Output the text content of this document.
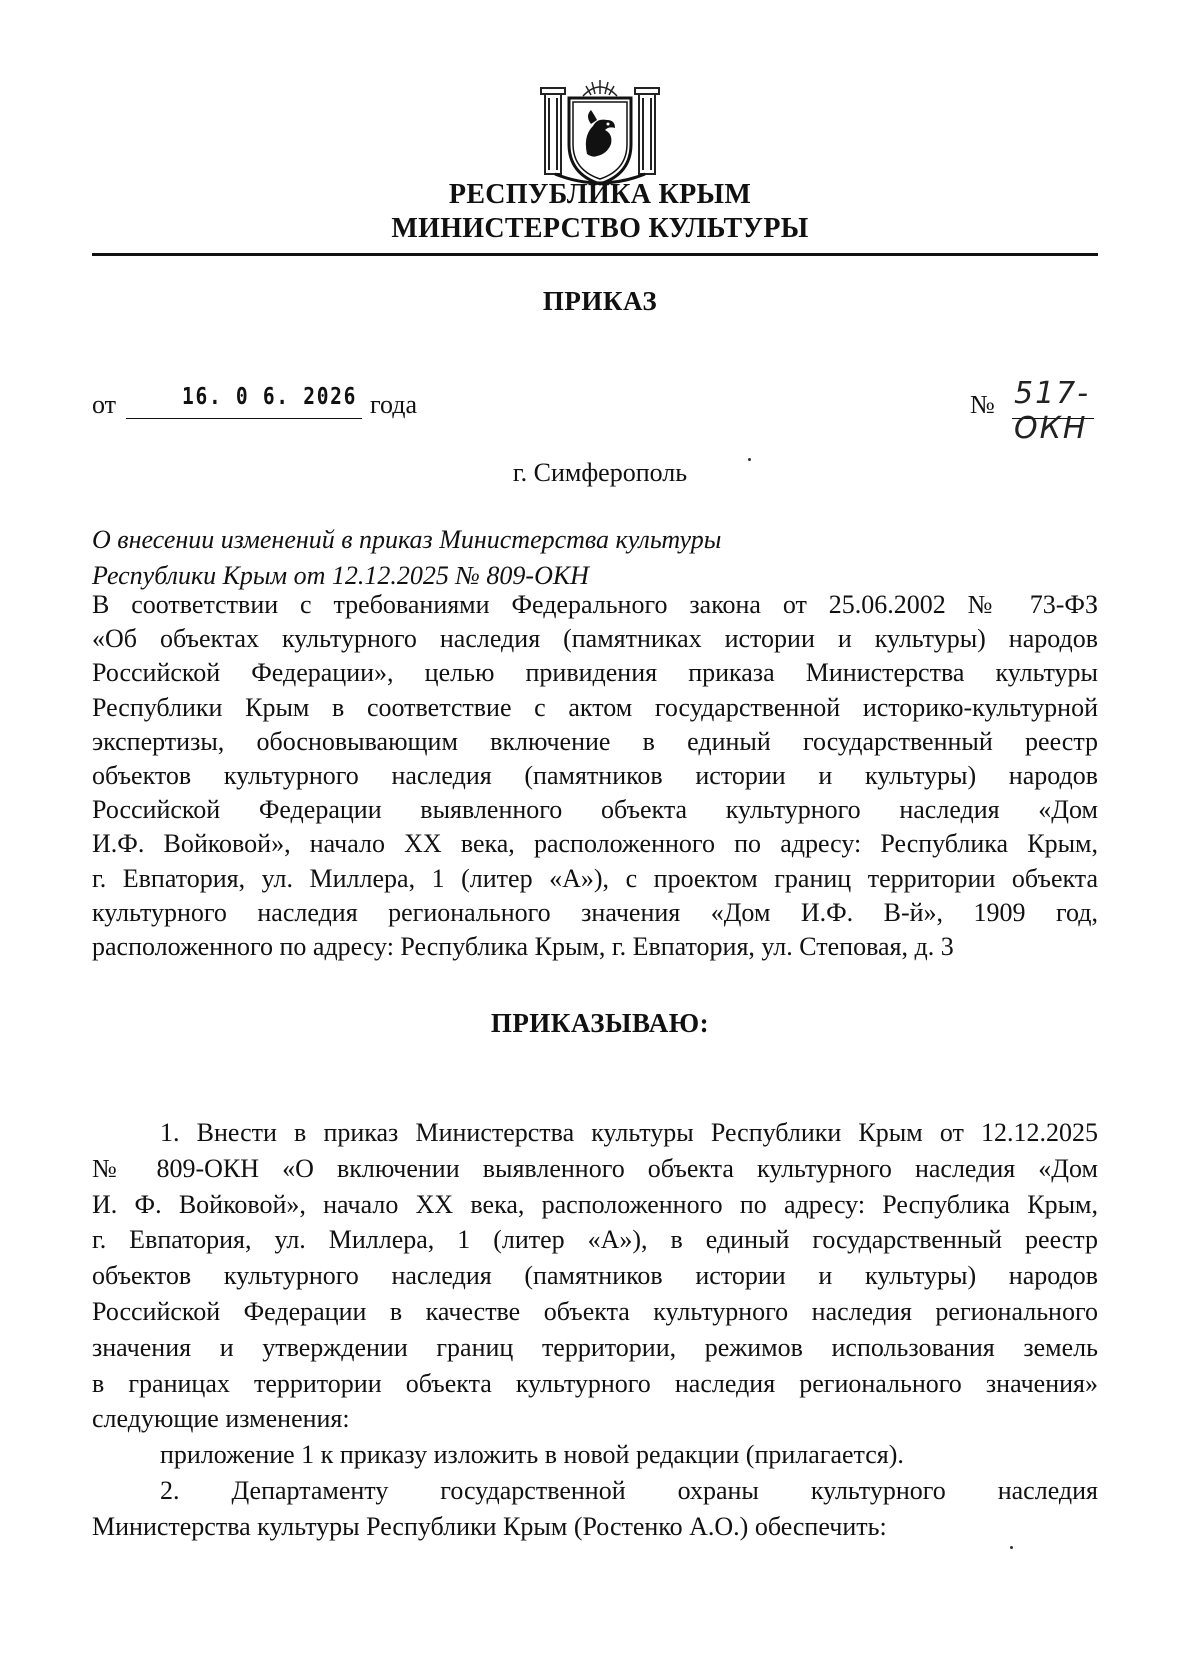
РЕСПУБЛИКА КРЫМ
МИНИСТЕРСТВО КУЛЬТУРЫ
ПРИКАЗ
от	16. 0 6. 2026 года	№ 517-ОКН
г. Симферополь
О внесении изменений в приказ Министерства культуры
Республики Крым от 12.12.2025 № 809-ОКН
В соответствии с требованиями Федерального закона от 25.06.2002 № 73-ФЗ
«Об объектах культурного наследия (памятниках истории и культуры) народов
Российской Федерации», целью привидения приказа Министерства культуры
Республики Крым в соответствие с актом государственной историко-культурной
экспертизы, обосновывающим включение в единый государственный реестр
объектов культурного наследия (памятников истории и культуры) народов
Российской Федерации выявленного объекта культурного наследия «Дом
И.Ф. Войковой», начало XX века, расположенного по адресу: Республика Крым,
г. Евпатория, ул. Миллера, 1 (литер «А»), с проектом границ территории объекта
культурного наследия регионального значения «Дом И.Ф. В-й», 1909 год,
расположенного по адресу: Республика Крым, г. Евпатория, ул. Степовая, д. 3
ПРИКАЗЫВАЮ:
1. Внести в приказ Министерства культуры Республики Крым от 12.12.2025
№ 809-ОКН «О включении выявленного объекта культурного наследия «Дом
И. Ф. Войковой», начало XX века, расположенного по адресу: Республика Крым,
г. Евпатория, ул. Миллера, 1 (литер «А»), в единый государственный реестр
объектов культурного наследия (памятников истории и культуры) народов
Российской Федерации в качестве объекта культурного наследия регионального
значения и утверждении границ территории, режимов использования земель
в границах территории объекта культурного наследия регионального значения»
следующие изменения:
приложение 1 к приказу изложить в новой редакции (прилагается).
2. Департаменту государственной охраны культурного наследия
Министерства культуры Республики Крым (Ростенко А.О.) обеспечить:
